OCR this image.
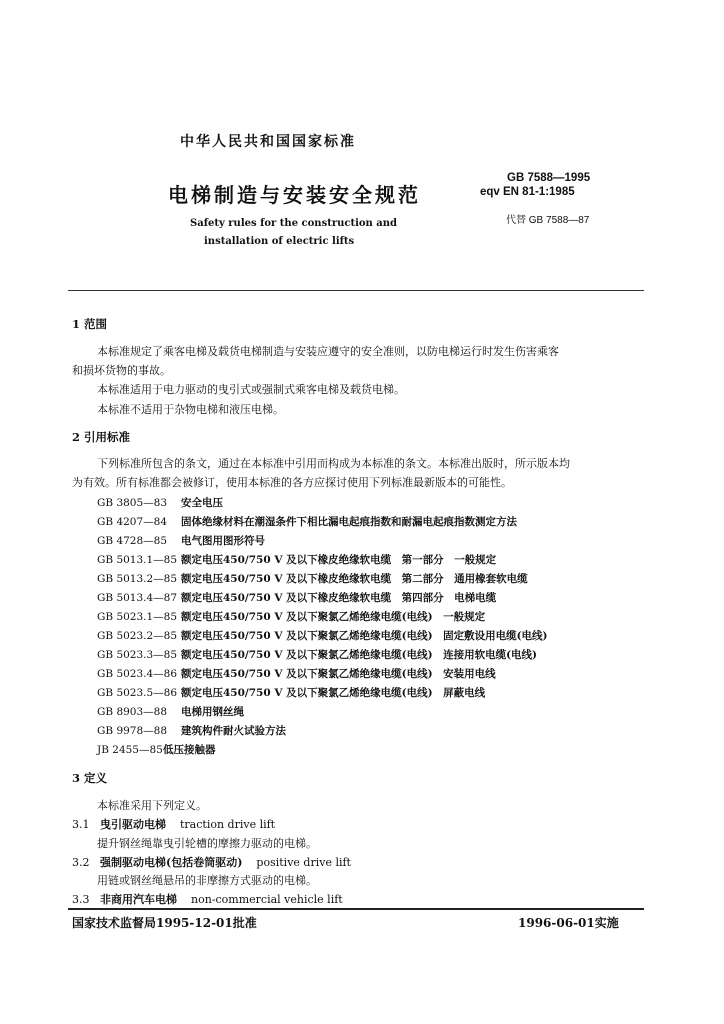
中华人民共和国国家标准
电梯制造与安装安全规范
Safety rules for the construction and
installation of electric lifts
GB 7588—1995
eqv EN 81-1:1985
代替 GB 7588—87
1 范围
本标准规定了乘客电梯及载货电梯制造与安装应遵守的安全准则，以防电梯运行时发生伤害乘客
和损坏货物的事故。
本标准适用于电力驱动的曳引式或强制式乘客电梯及载货电梯。
本标准不适用于杂物电梯和液压电梯。
2 引用标准
下列标准所包含的条文，通过在本标准中引用而构成为本标准的条文。本标准出版时，所示版本均
为有效。所有标准都会被修订，使用本标准的各方应探讨使用下列标准最新版本的可能性。
GB 3805—83 安全电压
GB 4207—84 固体绝缘材料在潮湿条件下相比漏电起痕指数和耐漏电起痕指数测定方法
GB 4728—85 电气图用图形符号
GB 5013.1—85 额定电压450/750 V 及以下橡皮绝缘软电缆　第一部分　一般规定
GB 5013.2—85 额定电压450/750 V 及以下橡皮绝缘软电缆　第二部分　通用橡套软电缆
GB 5013.4—87 额定电压450/750 V 及以下橡皮绝缘软电缆　第四部分　电梯电缆
GB 5023.1—85 额定电压450/750 V 及以下聚氯乙烯绝缘电缆(电线)　一般规定
GB 5023.2—85 额定电压450/750 V 及以下聚氯乙烯绝缘电缆(电线)　固定敷设用电缆(电线)
GB 5023.3—85 额定电压450/750 V 及以下聚氯乙烯绝缘电缆(电线)　连接用软电缆(电线)
GB 5023.4—86 额定电压450/750 V 及以下聚氯乙烯绝缘电缆(电线)　安装用电线
GB 5023.5—86 额定电压450/750 V 及以下聚氯乙烯绝缘电缆(电线)　屏蔽电线
GB 8903—88 电梯用钢丝绳
GB 9978—88 建筑构件耐火试验方法
JB 2455—85低压接触器
3 定义
本标准采用下列定义。
3.1 曳引驱动电梯 traction drive lift
提升钢丝绳靠曳引轮槽的摩擦力驱动的电梯。
3.2 强制驱动电梯(包括卷筒驱动) positive drive lift
用链或钢丝绳悬吊的非摩擦方式驱动的电梯。
3.3 非商用汽车电梯 non-commercial vehicle lift
国家技术监督局1995-12-01批准	1996-06-01实施
